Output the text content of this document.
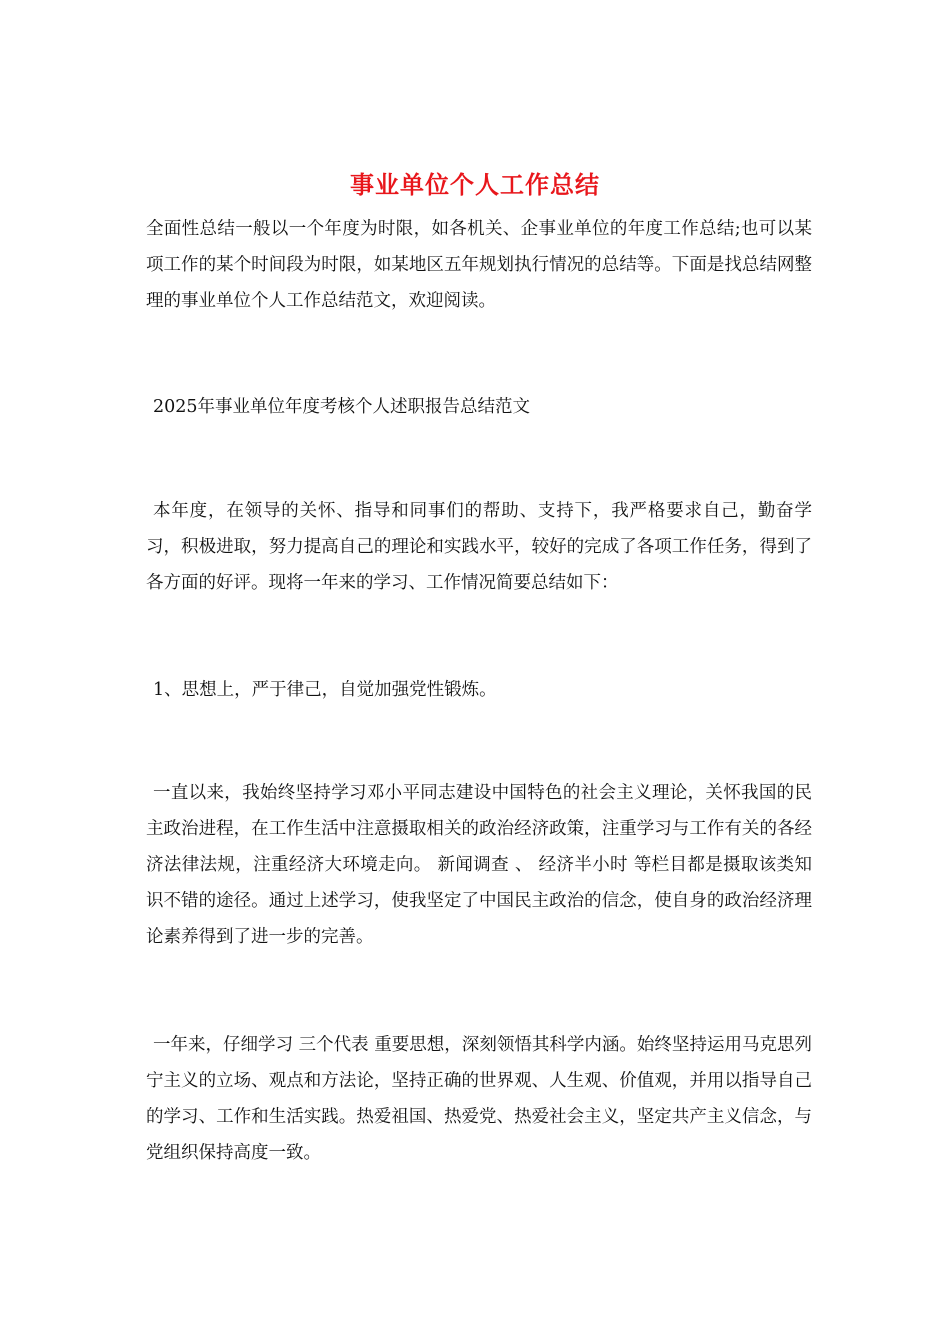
事业单位个人工作总结

全面性总结一般以一个年度为时限，如各机关、企事业单位的年度工作总结;也可以某项工作的某个时间段为时限，如某地区五年规划执行情况的总结等。下面是找总结网整理的事业单位个人工作总结范文，欢迎阅读。

2025年事业单位年度考核个人述职报告总结范文

本年度，在领导的关怀、指导和同事们的帮助、支持下，我严格要求自己，勤奋学习，积极进取，努力提高自己的理论和实践水平，较好的完成了各项工作任务，得到了各方面的好评。现将一年来的学习、工作情况简要总结如下：

1、思想上，严于律己，自觉加强党性锻炼。

一直以来，我始终坚持学习邓小平同志建设中国特色的社会主义理论，关怀我国的民主政治进程，在工作生活中注意摄取相关的政治经济政策，注重学习与工作有关的各经济法律法规，注重经济大环境走向。 新闻调查 、 经济半小时 等栏目都是摄取该类知识不错的途径。通过上述学习，使我坚定了中国民主政治的信念，使自身的政治经济理论素养得到了进一步的完善。

一年来，仔细学习 三个代表 重要思想，深刻领悟其科学内涵。始终坚持运用马克思列宁主义的立场、观点和方法论，坚持正确的世界观、人生观、价值观，并用以指导自己的学习、工作和生活实践。热爱祖国、热爱党、热爱社会主义，坚定共产主义信念，与党组织保持高度一致。
